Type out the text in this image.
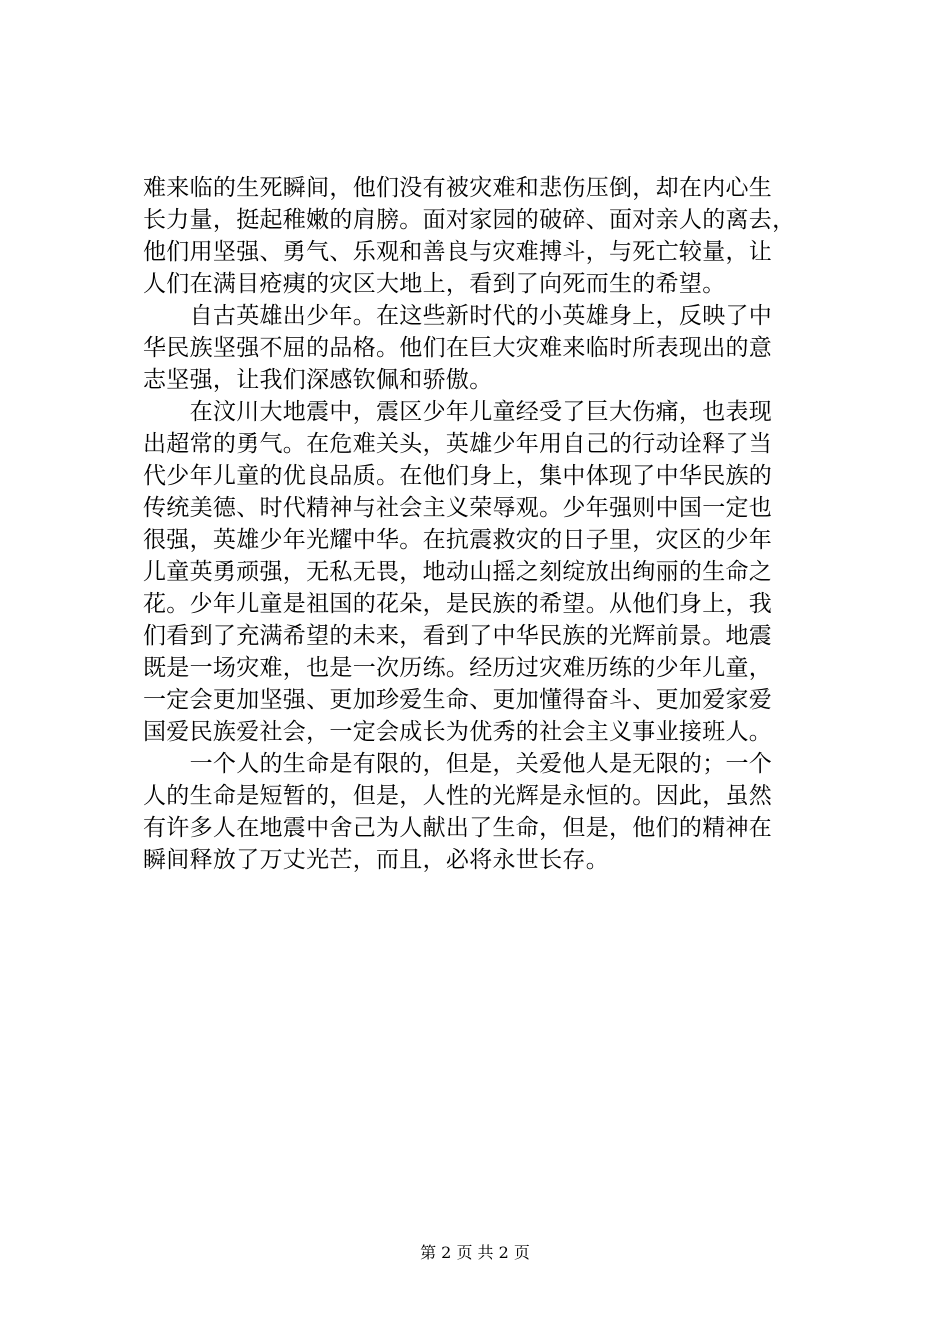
难来临的生死瞬间，他们没有被灾难和悲伤压倒，却在内心生
长力量，挺起稚嫩的肩膀。面对家园的破碎、面对亲人的离去，
他们用坚强、勇气、乐观和善良与灾难搏斗，与死亡较量，让
人们在满目疮痍的灾区大地上，看到了向死而生的希望。
　　自古英雄出少年。在这些新时代的小英雄身上，反映了中
华民族坚强不屈的品格。他们在巨大灾难来临时所表现出的意
志坚强，让我们深感钦佩和骄傲。
　　在汶川大地震中，震区少年儿童经受了巨大伤痛，也表现
出超常的勇气。在危难关头，英雄少年用自己的行动诠释了当
代少年儿童的优良品质。在他们身上，集中体现了中华民族的
传统美德、时代精神与社会主义荣辱观。少年强则中国一定也
很强，英雄少年光耀中华。在抗震救灾的日子里，灾区的少年
儿童英勇顽强，无私无畏，地动山摇之刻绽放出绚丽的生命之
花。少年儿童是祖国的花朵，是民族的希望。从他们身上，我
们看到了充满希望的未来，看到了中华民族的光辉前景。地震
既是一场灾难，也是一次历练。经历过灾难历练的少年儿童，
一定会更加坚强、更加珍爱生命、更加懂得奋斗、更加爱家爱
国爱民族爱社会，一定会成长为优秀的社会主义事业接班人。
　　一个人的生命是有限的，但是，关爱他人是无限的；一个
人的生命是短暂的，但是，人性的光辉是永恒的。因此，虽然
有许多人在地震中舍己为人献出了生命，但是，他们的精神在
瞬间释放了万丈光芒，而且，必将永世长存。
第 2 页 共 2 页
